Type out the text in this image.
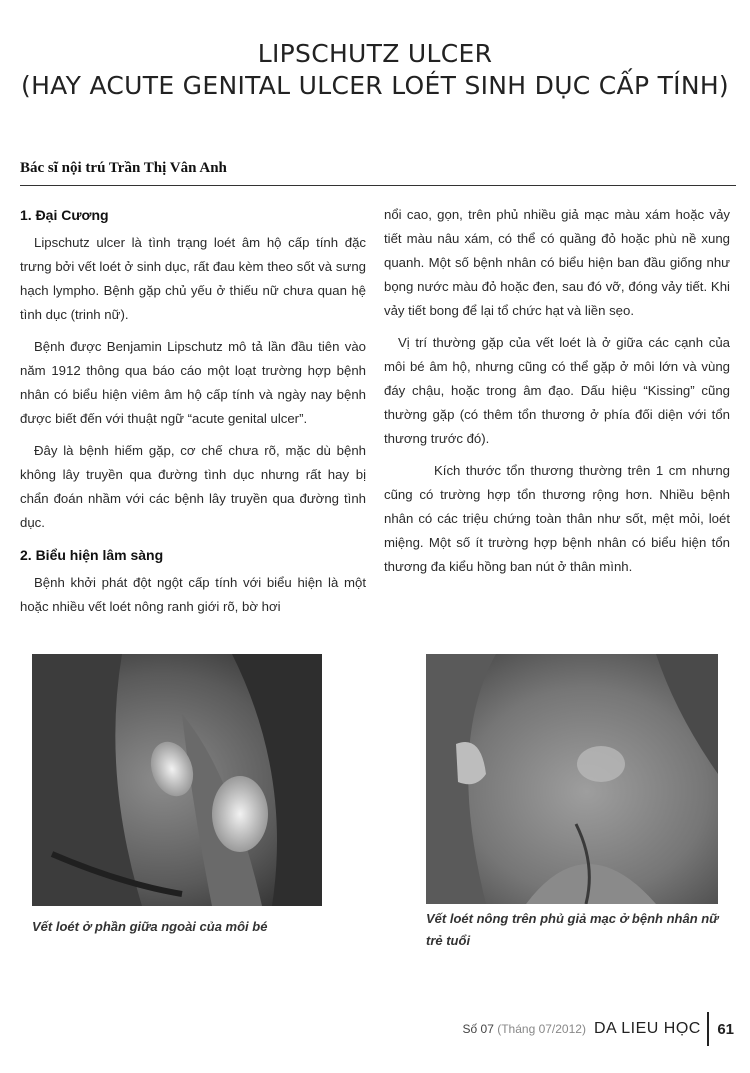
LIPSCHUTZ ULCER
(HAY ACUTE GENITAL ULCER LOÉT SINH DỤC CẤP TÍNH)
Bác sĩ nội trú Trần Thị Vân Anh
1. Đại Cương

Lipschutz ulcer là tình trạng loét âm hộ cấp tính đặc trưng bởi vết loét ở sinh dục, rất đau kèm theo sốt và sưng hạch lympho. Bệnh gặp chủ yếu ở thiếu nữ chưa quan hệ tình dục (trinh nữ).

Bệnh được Benjamin Lipschutz mô tả lần đầu tiên vào năm 1912 thông qua báo cáo một loạt trường hợp bệnh nhân có biểu hiện viêm âm hộ cấp tính và ngày nay bệnh được biết đến với thuật ngữ “acute genital ulcer”.

Đây là bệnh hiếm gặp, cơ chế chưa rõ, mặc dù bệnh không lây truyền qua đường tình dục nhưng rất hay bị chẩn đoán nhầm với các bệnh lây truyền qua đường tình dục.

2. Biểu hiện lâm sàng

Bệnh khởi phát đột ngột cấp tính với biểu hiện là một hoặc nhiều vết loét nông ranh giới rõ, bờ hơi

nổi cao, gọn, trên phủ nhiều giả mạc màu xám hoặc vảy tiết màu nâu xám, có thể có quầng đỏ hoặc phù nề xung quanh. Một số bệnh nhân có biểu hiện ban đầu giống như bọng nước màu đỏ hoặc đen, sau đó vỡ, đóng vảy tiết. Khi vảy tiết bong để lại tổ chức hạt và liền sẹo.

Vị trí thường gặp của vết loét là ở giữa các cạnh của môi bé âm hộ, nhưng cũng có thể gặp ở môi lớn và vùng đáy chậu, hoặc trong âm đạo. Dấu hiệu “Kissing” cũng thường gặp (có thêm tổn thương ở phía đối diện với tổn thương trước đó).

Kích thước tổn thương thường trên 1 cm nhưng cũng có trường hợp tổn thương rộng hơn. Nhiều bệnh nhân có các triệu chứng toàn thân như sốt, mệt mỏi, loét miệng. Một số ít trường hợp bệnh nhân có biểu hiện tổn thương đa kiểu hồng ban nút ở thân mình.

Vết loét ở phần giữa ngoài của môi bé
Vết loét nông trên phủ giả mạc ở bệnh nhân nữ trẻ tuổi
Số 07 (Tháng 07/2012) DA LIEU HỌC 61
